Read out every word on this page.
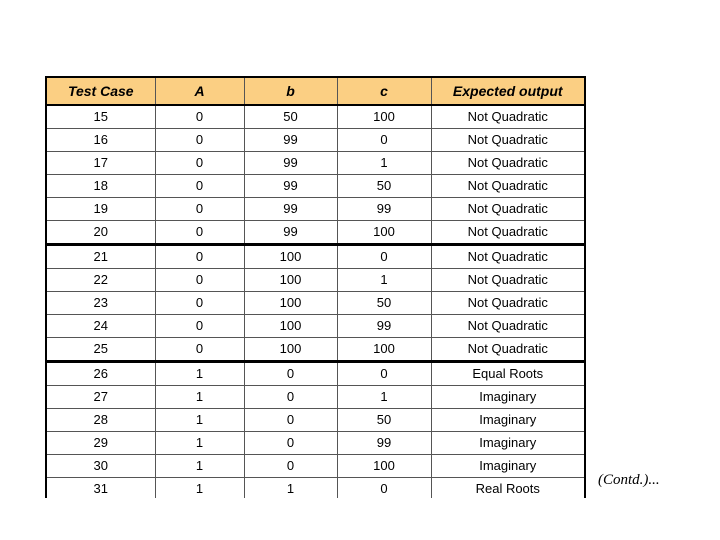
Test Case	A	b	c	Expected output
15	0	50	100	Not Quadratic
16	0	99	0	Not Quadratic
17	0	99	1	Not Quadratic
18	0	99	50	Not Quadratic
19	0	99	99	Not Quadratic
20	0	99	100	Not Quadratic
21	0	100	0	Not Quadratic
22	0	100	1	Not Quadratic
23	0	100	50	Not Quadratic
24	0	100	99	Not Quadratic
25	0	100	100	Not Quadratic
26	1	0	0	Equal Roots
27	1	0	1	Imaginary
28	1	0	50	Imaginary
29	1	0	99	Imaginary
30	1	0	100	Imaginary
31	1	1	0	Real Roots
(Contd.)...
